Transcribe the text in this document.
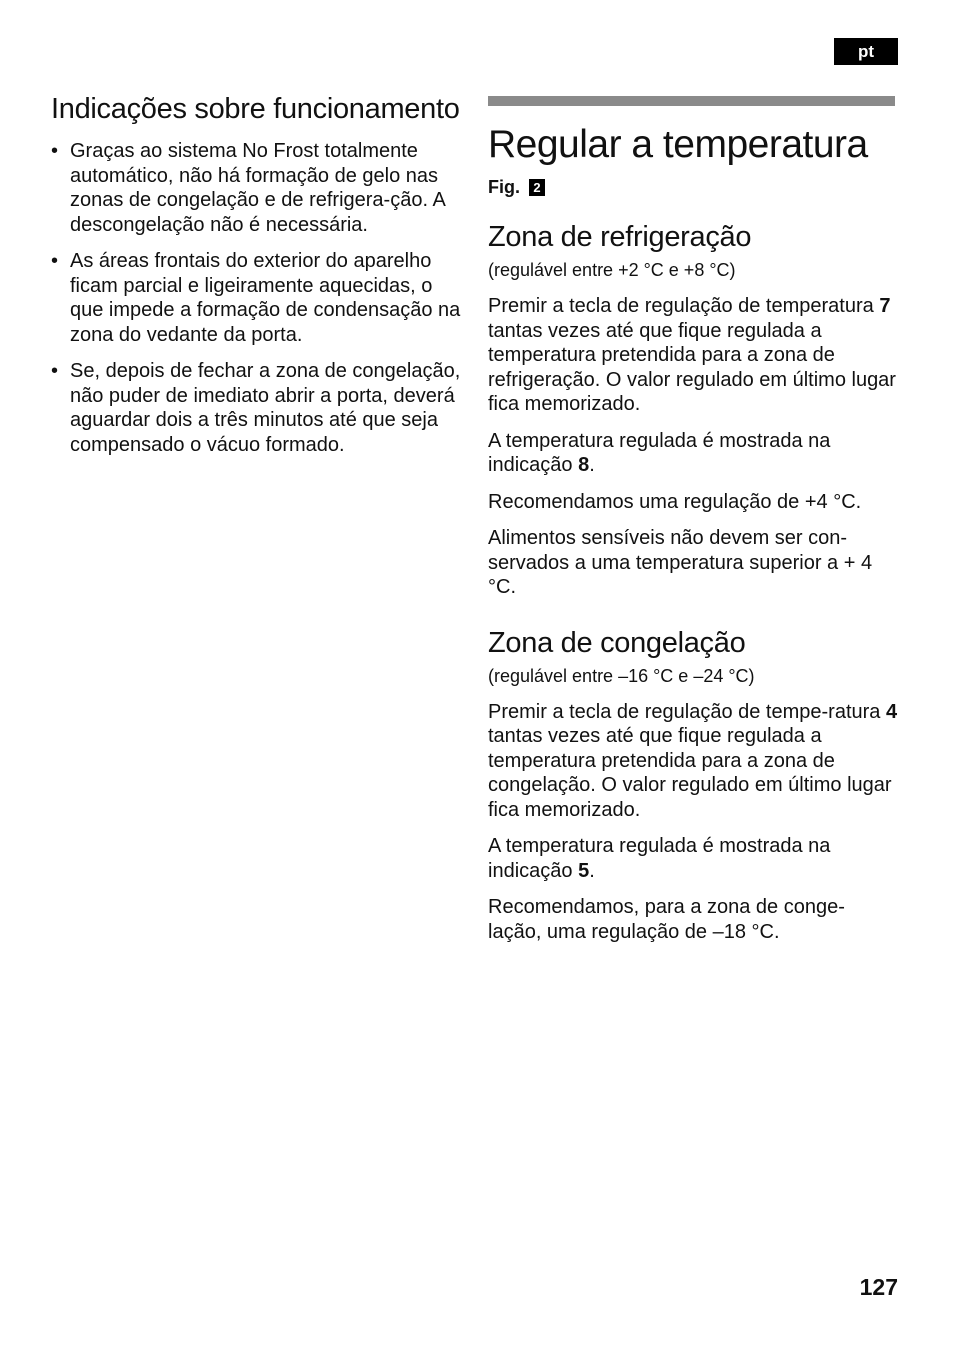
pt
Indicações sobre funcionamento
• Graças ao sistema No Frost totalmente automático, não há formação de gelo nas zonas de congelação e de refrigera-ção. A descongelação não é necessária.
• As áreas frontais do exterior do aparelho ficam parcial e ligeiramente aquecidas, o que impede a formação de condensação na zona do vedante da porta.
• Se, depois de fechar a zona de congelação, não puder de imediato abrir a porta, deverá aguardar dois a três minutos até que seja compensado o vácuo formado.
Regular a temperatura
Fig. 2
Zona de refrigeração

(regulável entre +2 °C e +8 °C)

Premir a tecla de regulação de temperatura 7 tantas vezes até que fique regulada a temperatura pretendida para a zona de refrigeração. O valor regulado em último lugar fica memorizado.

A temperatura regulada é mostrada na indicação 8.

Recomendamos uma regulação de +4 °C.

Alimentos sensíveis não devem ser con-servados a uma temperatura superior a + 4 °C.

Zona de congelação

(regulável entre –16 °C e –24 °C)

Premir a tecla de regulação de tempe-ratura 4 tantas vezes até que fique regulada a temperatura pretendida para a zona de congelação. O valor regulado em último lugar fica memorizado.

A temperatura regulada é mostrada na indicação 5.

Recomendamos, para a zona de conge-lação, uma regulação de –18 °C.

127
